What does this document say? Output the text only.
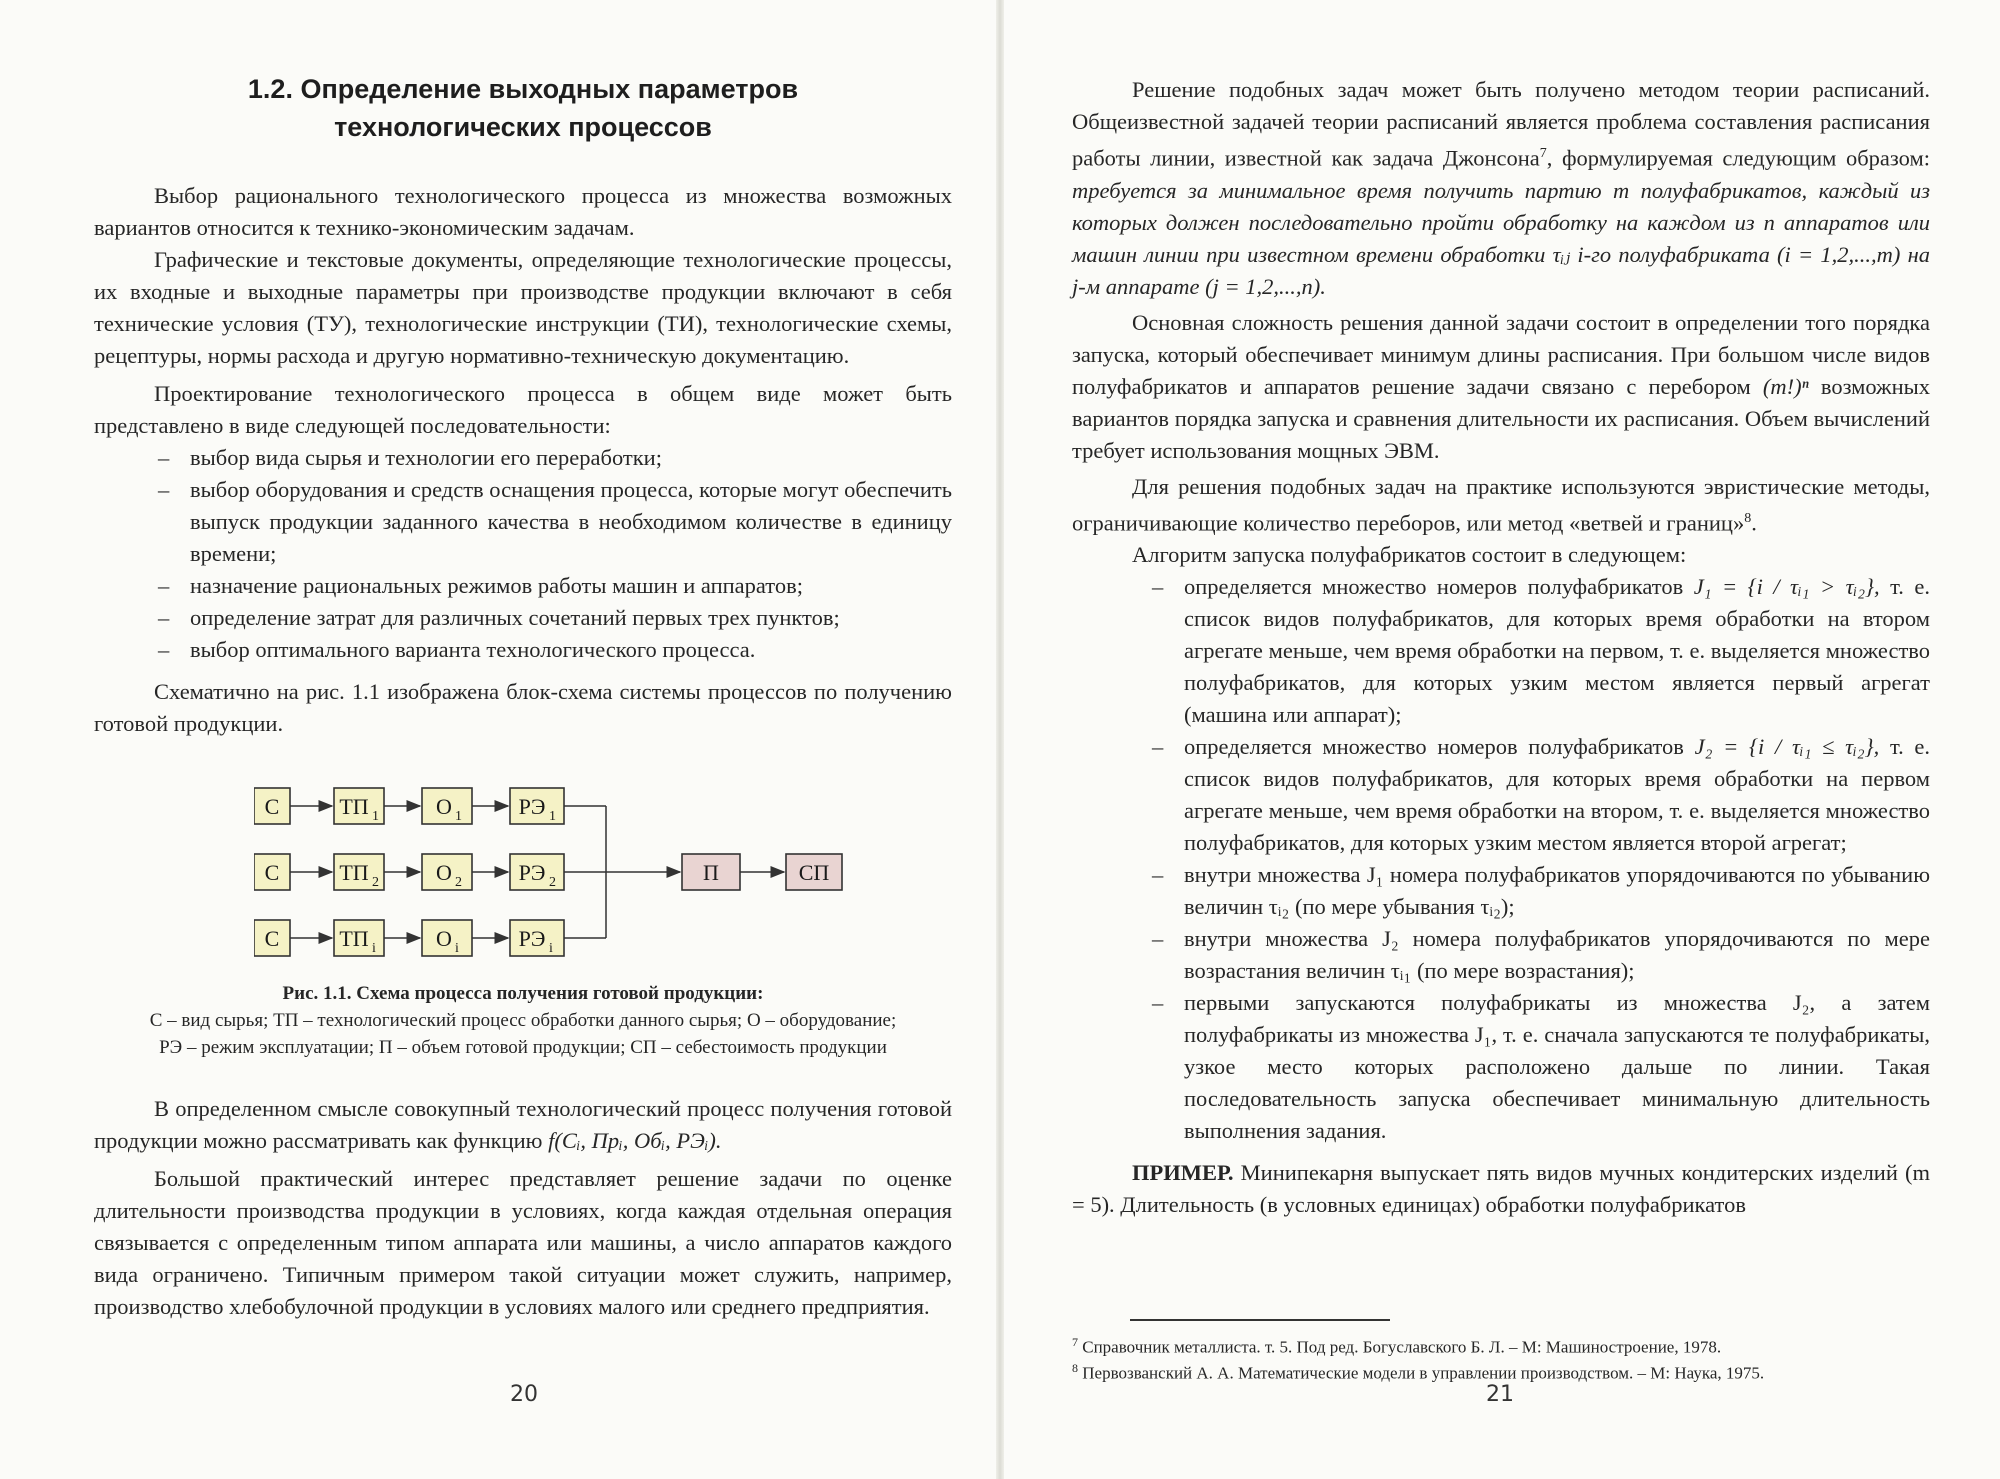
1.2. Определение выходных параметров
технологических процессов

Выбор рационального технологического процесса из множества возможных вариантов относится к технико-экономическим задачам.

Графические и текстовые документы, определяющие технологические процессы, их входные и выходные параметры при производстве продукции включают в себя технические условия (ТУ), технологические инструкции (ТИ), технологические схемы, рецептуры, нормы расхода и другую нормативно-техническую документацию.

Проектирование технологического процесса в общем виде может быть представлено в виде следующей последовательности:

– выбор вида сырья и технологии его переработки;
– выбор оборудования и средств оснащения процесса, которые могут обеспечить выпуск продукции заданного качества в необходимом количестве в единицу времени;
– назначение рациональных режимов работы машин и аппаратов;
– определение затрат для различных сочетаний первых трех пунктов;
– выбор оптимального варианта технологического процесса.

Схематично на рис. 1.1 изображена блок-схема системы процессов по получению готовой продукции.

С	ТП 1	О 1	РЭ 1
С	ТП 2	О 2	РЭ 2
С	ТП i	О i	РЭ i
П	СП
Рис. 1.1. Схема процесса получения готовой продукции:
С – вид сырья; ТП – технологический процесс обработки данного сырья; О – оборудование;
РЭ – режим эксплуатации; П – объем готовой продукции; СП – себестоимость продукции

В определенном смысле совокупный технологический процесс получения готовой продукции можно рассматривать как функцию f(Cᵢ, Прᵢ, Обᵢ, РЭᵢ).

Большой практический интерес представляет решение задачи по оценке длительности производства продукции в условиях, когда каждая отдельная операция связывается с определенным типом аппарата или машины, а число аппаратов каждого вида ограничено. Типичным примером такой ситуации может служить, например, производство хлебобулочной продукции в условиях малого или среднего предприятия.

20

Решение подобных задач может быть получено методом теории расписаний. Общеизвестной задачей теории расписаний является проблема составления расписания работы линии, известной как задача Джонсона$^7$, формулируемая следующим образом: требуется за минимальное время получить партию m полуфабрикатов, каждый из которых должен последовательно пройти обработку на каждом из n аппаратов или машин линии при известном времени обработки τᵢⱼ i-го полуфабриката (i = 1,2,...,m) на j-м аппарате (j = 1,2,...,n).

Основная сложность решения данной задачи состоит в определении того порядка запуска, который обеспечивает минимум длины расписания. При большом числе видов полуфабрикатов и аппаратов решение задачи связано с перебором (m!)ⁿ возможных вариантов порядка запуска и сравнения длительности их расписания. Объем вычислений требует использования мощных ЭВМ.

Для решения подобных задач на практике используются эвристические методы, ограничивающие количество переборов, или метод «ветвей и границ»$^8$.

Алгоритм запуска полуфабрикатов состоит в следующем:

– определяется множество номеров полуфабрикатов J₁ = {i / τᵢ₁ > τᵢ₂}, т. е. список видов полуфабрикатов, для которых время обработки на втором агрегате меньше, чем время обработки на первом, т. е. выделяется множество полуфабрикатов, для которых узким местом является первый агрегат (машина или аппарат);
– определяется множество номеров полуфабрикатов J₂ = {i / τᵢ₁ ≤ τᵢ₂}, т. е. список видов полуфабрикатов, для которых время обработки на первом агрегате меньше, чем время обработки на втором, т. е. выделяется множество полуфабрикатов, для которых узким местом является второй агрегат;
– внутри множества J₁ номера полуфабрикатов упорядочиваются по убыванию величин τᵢ₂ (по мере убывания τᵢ₂);
– внутри множества J₂ номера полуфабрикатов упорядочиваются по мере возрастания величин τᵢ₁ (по мере возрастания);
– первыми запускаются полуфабрикаты из множества J₂, а затем полуфабрикаты из множества J₁, т. е. сначала запускаются те полуфабрикаты, узкое место которых расположено дальше по линии. Такая последовательность запуска обеспечивает минимальную длительность выполнения задания.

ПРИМЕР. Минипекарня выпускает пять видов мучных кондитерских изделий (m = 5). Длительность (в условных единицах) обработки полуфабрикатов

$^7$ Справочник металлиста. т. 5. Под ред. Богуславского Б. Л. – М: Машиностроение, 1978.
$^8$ Первозванский А. А. Математические модели в управлении производством. – М: Наука, 1975.
21
